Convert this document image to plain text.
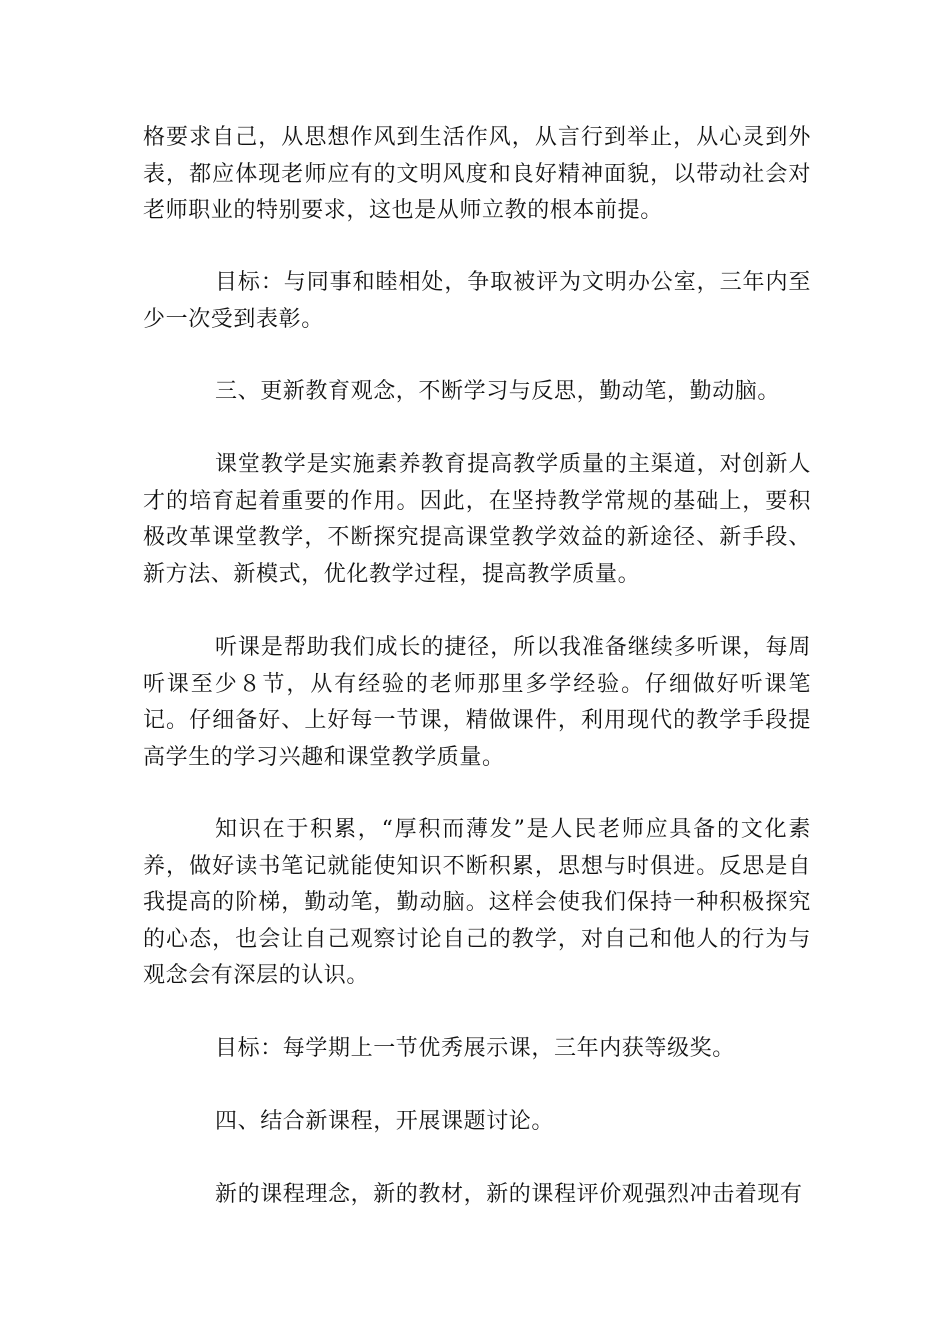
格要求自己，从思想作风到生活作风，从言行到举止，从心灵到外表，都应体现老师应有的文明风度和良好精神面貌，以带动社会对老师职业的特别要求，这也是从师立教的根本前提。

目标：与同事和睦相处，争取被评为文明办公室，三年内至少一次受到表彰。

三、更新教育观念，不断学习与反思，勤动笔，勤动脑。

课堂教学是实施素养教育提高教学质量的主渠道，对创新人才的培育起着重要的作用。因此，在坚持教学常规的基础上，要积极改革课堂教学，不断探究提高课堂教学效益的新途径、新手段、新方法、新模式，优化教学过程，提高教学质量。

听课是帮助我们成长的捷径，所以我准备继续多听课，每周听课至少８节，从有经验的老师那里多学经验。仔细做好听课笔记。仔细备好、上好每一节课，精做课件，利用现代的教学手段提高学生的学习兴趣和课堂教学质量。

知识在于积累，“厚积而薄发”是人民老师应具备的文化素养，做好读书笔记就能使知识不断积累，思想与时俱进。反思是自我提高的阶梯，勤动笔，勤动脑。这样会使我们保持一种积极探究的心态，也会让自己观察讨论自己的教学，对自己和他人的行为与观念会有深层的认识。

目标：每学期上一节优秀展示课，三年内获等级奖。

四、结合新课程，开展课题讨论。

新的课程理念，新的教材，新的课程评价观强烈冲击着现有
